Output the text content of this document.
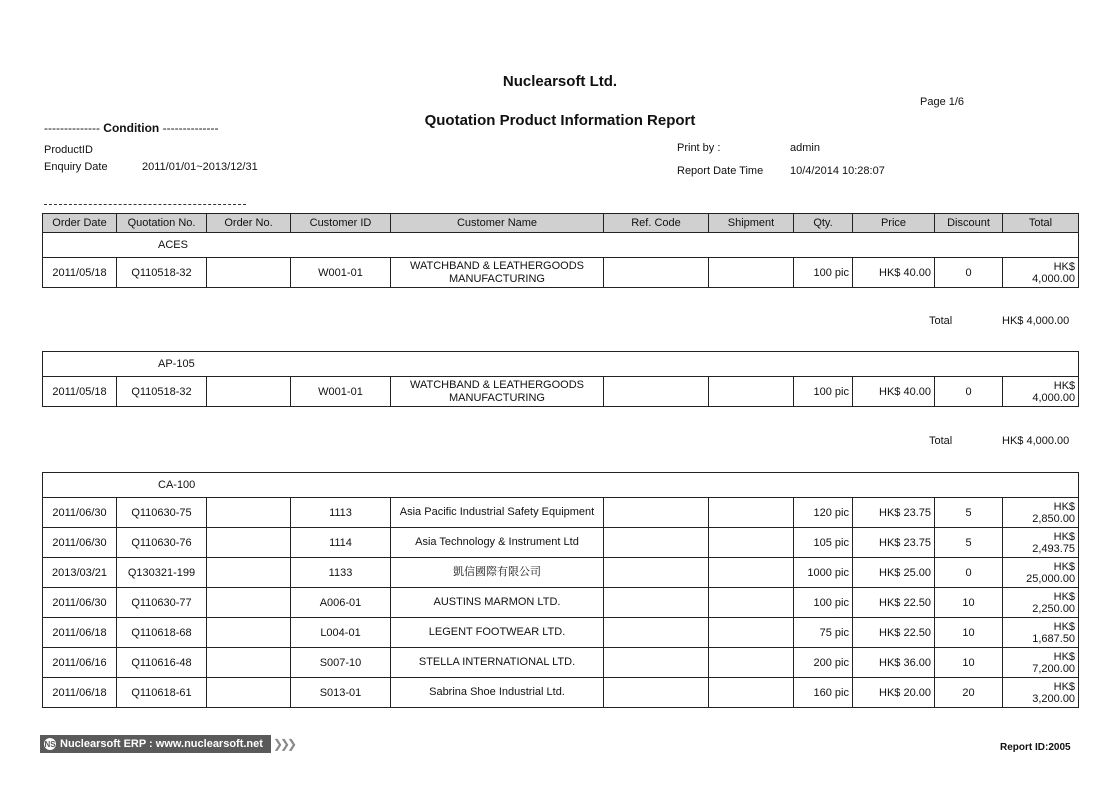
Nuclearsoft Ltd.
Page 1/6
Quotation Product Information Report
-------------- Condition --------------
ProductID
Enquiry Date	2011/01/01~2013/12/31
Print by :	admin
Report Date Time 10/4/2014 10:28:07
Order Date	Quotation No.	Order No.	Customer ID	Customer Name	Ref. Code	Shipment	Qty.	Price	Discount	Total
ACES										
2011/05/18	Q110518-32		W001-01	WATCHBAND & LEATHERGOODS MANUFACTURING			100 pic	HK$ 40.00	0	HK$
4,000.00
Total	HK$ 4,000.00
AP-105
2011/05/18	Q110518-32		W001-01	WATCHBAND & LEATHERGOODS MANUFACTURING			100 pic	HK$ 40.00	0	HK$
4,000.00
Total	HK$ 4,000.00
CA-100										
2011/06/30	Q110630-75		1113	Asia Pacific Industrial Safety Equipment			120 pic	HK$ 23.75	5	HK$
2,850.00

2011/06/30	Q110630-76		1114	Asia Technology & Instrument Ltd			105 pic	HK$ 23.75	5	HK$
2,493.75

2013/03/21	Q130321-199		1133	凱信國際有限公司			1000 pic	HK$ 25.00	0	HK$
25,000.00

2011/06/30	Q110630-77		A006-01	AUSTINS MARMON LTD.			100 pic	HK$ 22.50	10	HK$
2,250.00

2011/06/18	Q110618-68		L004-01	LEGENT FOOTWEAR LTD.			75 pic	HK$ 22.50	10	HK$
1,687.50

2011/06/16	Q110616-48		S007-10	STELLA INTERNATIONAL LTD.			200 pic	HK$ 36.00	10	HK$
7,200.00

2011/06/18	Q110618-61		S013-01	Sabrina Shoe Industrial Ltd.			160 pic	HK$ 20.00	20	HK$
3,200.00
NS Nuclearsoft ERP : www.nuclearsoft.net ❯❯❯	Report ID:2005
